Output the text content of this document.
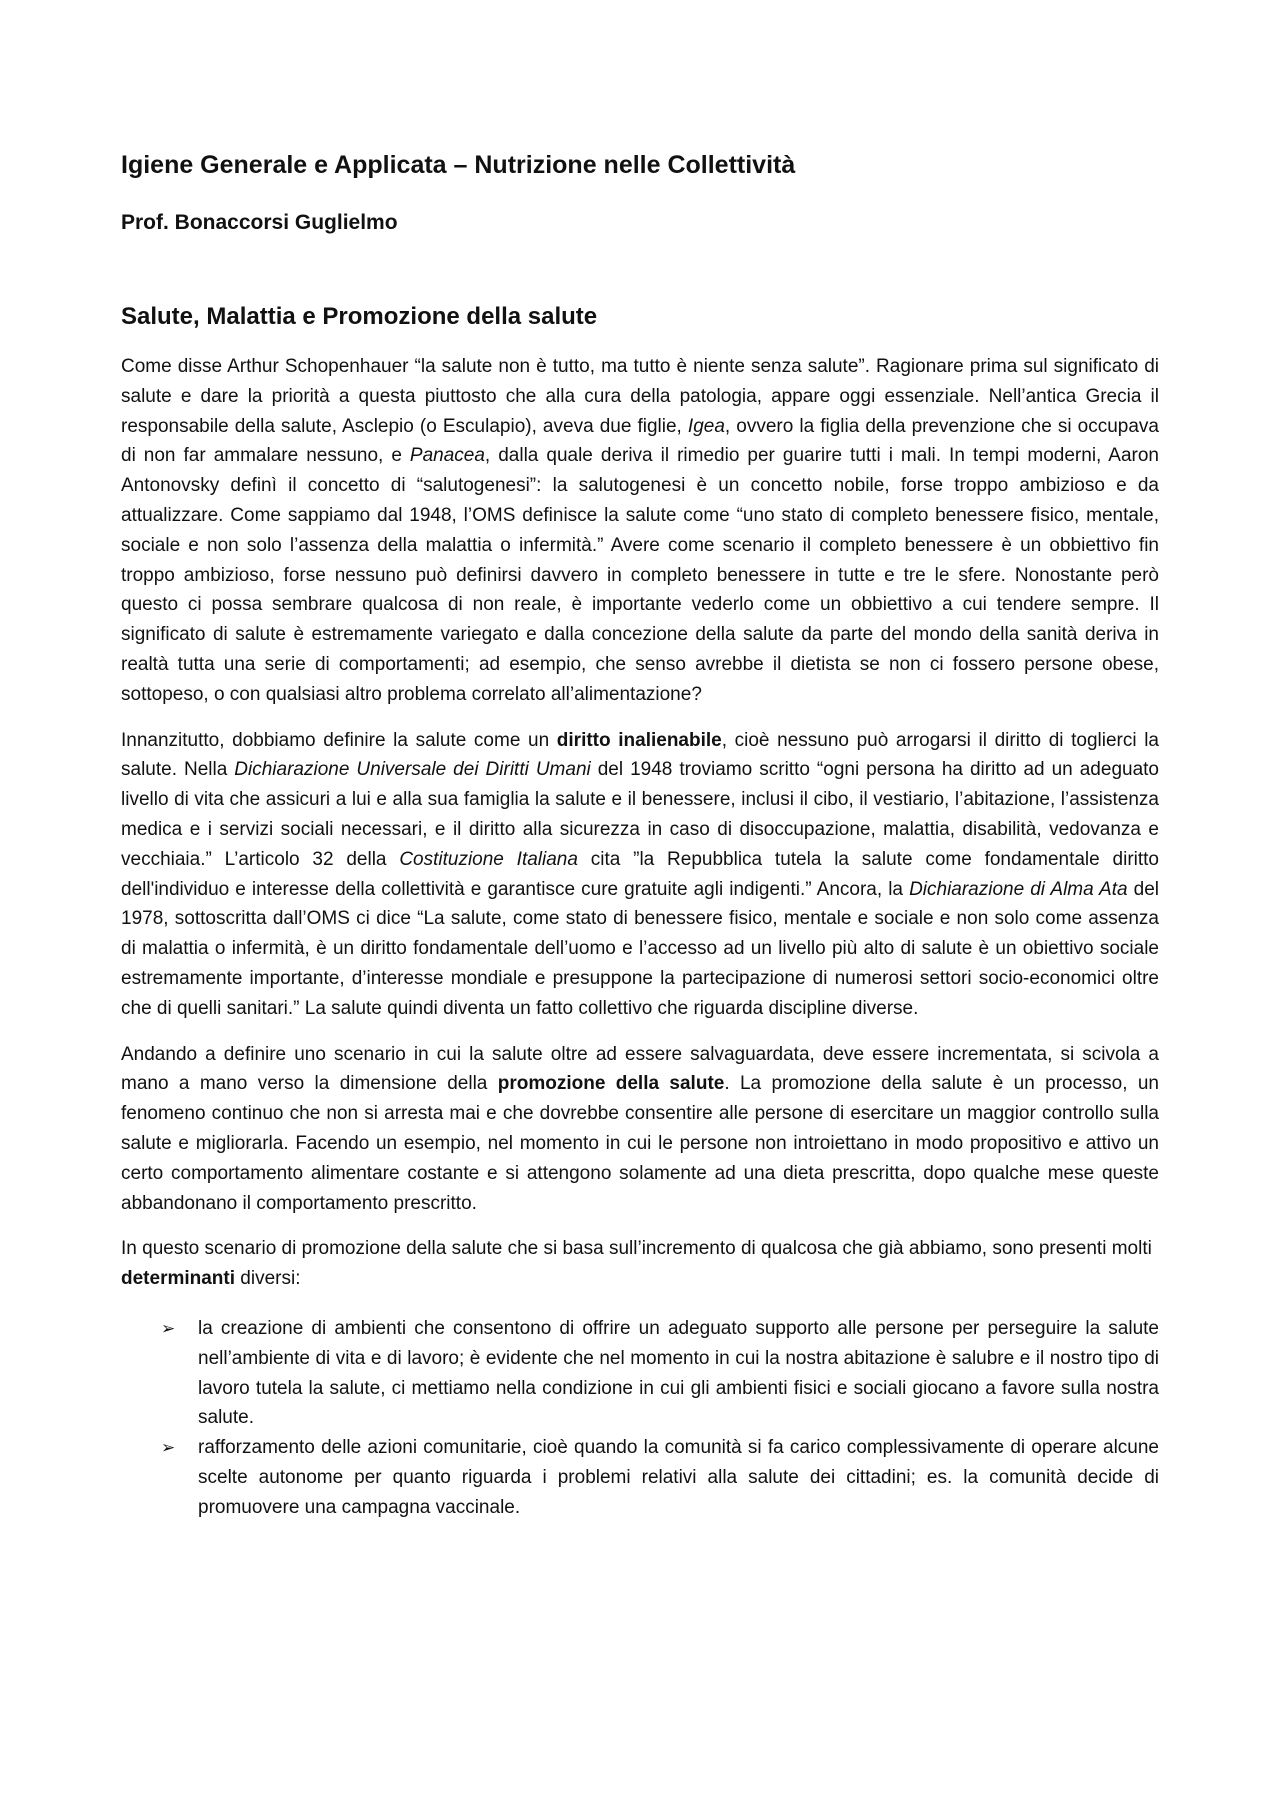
Igiene Generale e Applicata – Nutrizione nelle Collettività
Prof. Bonaccorsi Guglielmo
Salute, Malattia e Promozione della salute

Come disse Arthur Schopenhauer “la salute non è tutto, ma tutto è niente senza salute”. Ragionare prima sul significato di salute e dare la priorità a questa piuttosto che alla cura della patologia, appare oggi essenziale. Nell’antica Grecia il responsabile della salute, Asclepio (o Esculapio), aveva due figlie, Igea, ovvero la figlia della prevenzione che si occupava di non far ammalare nessuno, e Panacea, dalla quale deriva il rimedio per guarire tutti i mali. In tempi moderni, Aaron Antonovsky definì il concetto di “salutogenesi”: la salutogenesi è un concetto nobile, forse troppo ambizioso e da attualizzare. Come sappiamo dal 1948, l’OMS definisce la salute come “uno stato di completo benessere fisico, mentale, sociale e non solo l’assenza della malattia o infermità.” Avere come scenario il completo benessere è un obbiettivo fin troppo ambizioso, forse nessuno può definirsi davvero in completo benessere in tutte e tre le sfere. Nonostante però questo ci possa sembrare qualcosa di non reale, è importante vederlo come un obbiettivo a cui tendere sempre. Il significato di salute è estremamente variegato e dalla concezione della salute da parte del mondo della sanità deriva in realtà tutta una serie di comportamenti; ad esempio, che senso avrebbe il dietista se non ci fossero persone obese, sottopeso, o con qualsiasi altro problema correlato all’alimentazione?

Innanzitutto, dobbiamo definire la salute come un diritto inalienabile, cioè nessuno può arrogarsi il diritto di toglierci la salute. Nella Dichiarazione Universale dei Diritti Umani del 1948 troviamo scritto “ogni persona ha diritto ad un adeguato livello di vita che assicuri a lui e alla sua famiglia la salute e il benessere, inclusi il cibo, il vestiario, l’abitazione, l’assistenza medica e i servizi sociali necessari, e il diritto alla sicurezza in caso di disoccupazione, malattia, disabilità, vedovanza e vecchiaia.” L’articolo 32 della Costituzione Italiana cita ”la Repubblica tutela la salute come fondamentale diritto dell'individuo e interesse della collettività e garantisce cure gratuite agli indigenti.” Ancora, la Dichiarazione di Alma Ata del 1978, sottoscritta dall’OMS ci dice “La salute, come stato di benessere fisico, mentale e sociale e non solo come assenza di malattia o infermità, è un diritto fondamentale dell’uomo e l’accesso ad un livello più alto di salute è un obiettivo sociale estremamente importante, d’interesse mondiale e presuppone la partecipazione di numerosi settori socio-economici oltre che di quelli sanitari.” La salute quindi diventa un fatto collettivo che riguarda discipline diverse.

Andando a definire uno scenario in cui la salute oltre ad essere salvaguardata, deve essere incrementata, si scivola a mano a mano verso la dimensione della promozione della salute. La promozione della salute è un processo, un fenomeno continuo che non si arresta mai e che dovrebbe consentire alle persone di esercitare un maggior controllo sulla salute e migliorarla. Facendo un esempio, nel momento in cui le persone non introiettano in modo propositivo e attivo un certo comportamento alimentare costante e si attengono solamente ad una dieta prescritta, dopo qualche mese queste abbandonano il comportamento prescritto.

In questo scenario di promozione della salute che si basa sull’incremento di qualcosa che già abbiamo, sono presenti molti determinanti diversi:

➢ la creazione di ambienti che consentono di offrire un adeguato supporto alle persone per perseguire la salute nell’ambiente di vita e di lavoro; è evidente che nel momento in cui la nostra abitazione è salubre e il nostro tipo di lavoro tutela la salute, ci mettiamo nella condizione in cui gli ambienti fisici e sociali giocano a favore sulla nostra salute.
➢ rafforzamento delle azioni comunitarie, cioè quando la comunità si fa carico complessivamente di operare alcune scelte autonome per quanto riguarda i problemi relativi alla salute dei cittadini; es. la comunità decide di promuovere una campagna vaccinale.
